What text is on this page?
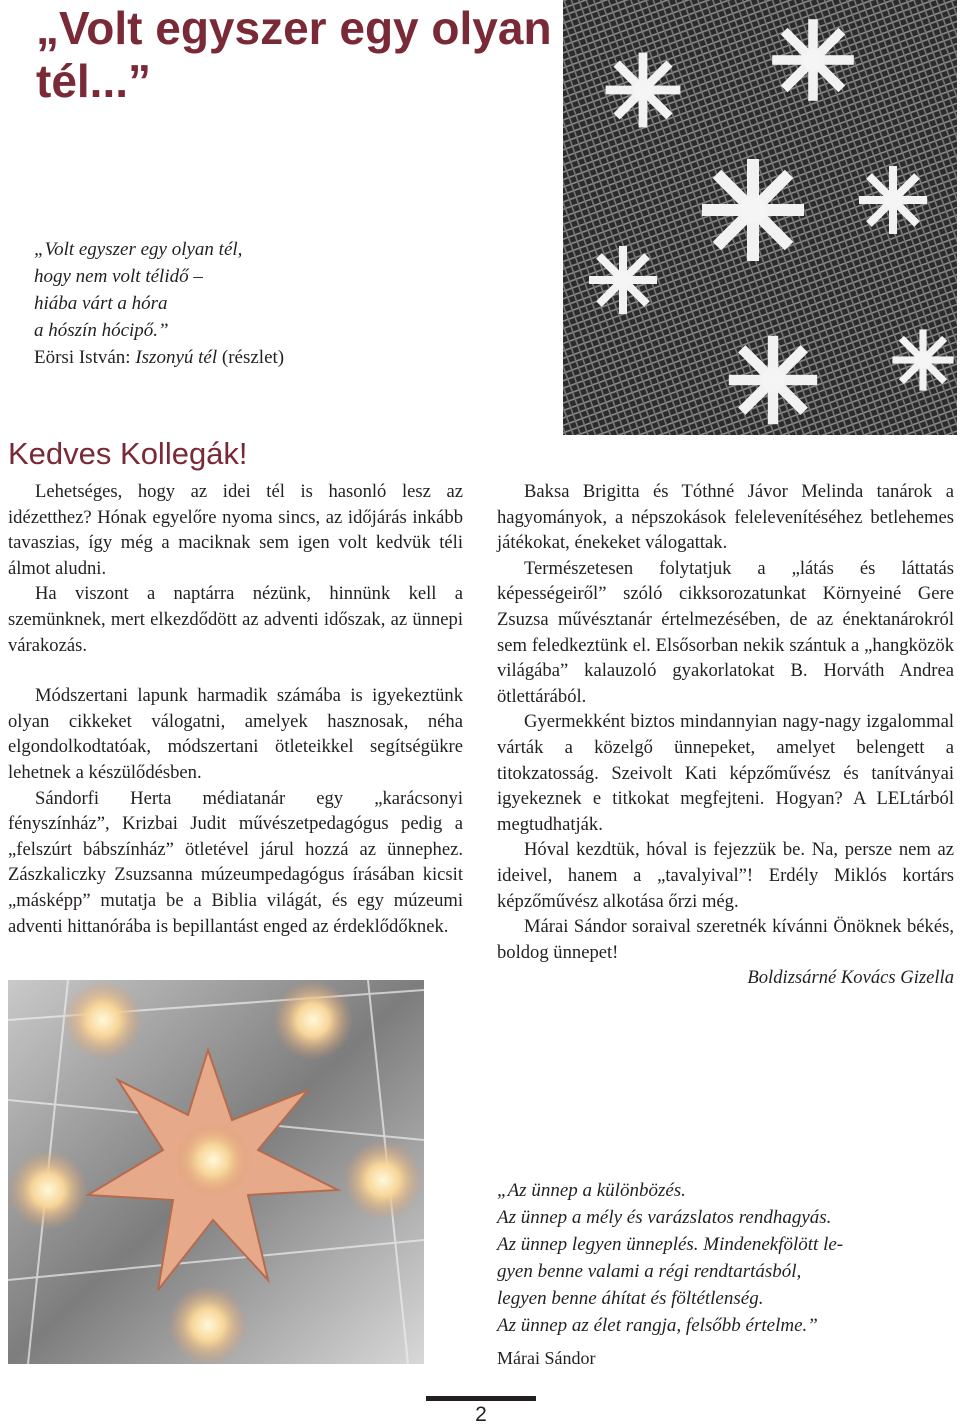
„Volt egyszer egy olyan tél...”
„Volt egyszer egy olyan tél,
hogy nem volt télidő –
hiába várt a hóra
a hószín hócipő.”
Eörsi István: Iszonyú tél (részlet)
Kedves Kollegák!

Lehetséges, hogy az idei tél is hasonló lesz az idézetthez? Hónak egyelőre nyoma sincs, az időjárás inkább tavaszias, így még a maciknak sem igen volt kedvük téli álmot aludni.

Ha viszont a naptárra nézünk, hinnünk kell a szemünknek, mert elkezdődött az adventi időszak, az ünnepi várakozás.

Módszertani lapunk harmadik számába is igyekeztünk olyan cikkeket válogatni, amelyek hasznosak, néha elgondolkodtatóak, módszertani ötleteikkel segítségükre lehetnek a készülődésben.

Sándorfi Herta médiatanár egy „karácsonyi fényszínház”, Krizbai Judit művészetpedagógus pedig a „felszúrt bábszínház” ötletével járul hozzá az ünnephez. Zászkaliczky Zsuzsanna múzeumpedagógus írásában kicsit „másképp” mutatja be a Biblia világát, és egy múzeumi adventi hittanórába is bepillantást enged az érdeklődőknek.

Baksa Brigitta és Tóthné Jávor Melinda tanárok a hagyományok, a népszokások felelevenítéséhez betlehemes játékokat, énekeket válogattak.

Természetesen folytatjuk a „látás és láttatás képességeiről” szóló cikksorozatunkat Környeiné Gere Zsuzsa művésztanár értelmezésében, de az énektanárokról sem feledkeztünk el. Elsősorban nekik szántuk a „hangközök világába” kalauzoló gyakorlatokat B. Horváth Andrea ötlettárából.

Gyermekként biztos mindannyian nagy-nagy izgalommal várták a közelgő ünnepeket, amelyet belengett a titokzatosság. Szeivolt Kati képzőművész és tanítványai igyekeznek e titkokat megfejteni. Hogyan? A LELtárból megtudhatják.

Hóval kezdtük, hóval is fejezzük be. Na, persze nem az ideivel, hanem a „tavalyival”! Erdély Miklós kortárs képzőművész alkotása őrzi még.

Márai Sándor soraival szeretnék kívánni Önöknek békés, boldog ünnepet!

Boldizsárné Kovács Gizella

„Az ünnep a különbözés.
Az ünnep a mély és varázslatos rendhagyás.
Az ünnep legyen ünneplés. Mindenekfölött le-
gyen benne valami a régi rendtartásból,
legyen benne áhítat és föltétlenség.
Az ünnep az élet rangja, felsőbb értelme.”
Márai Sándor
2
